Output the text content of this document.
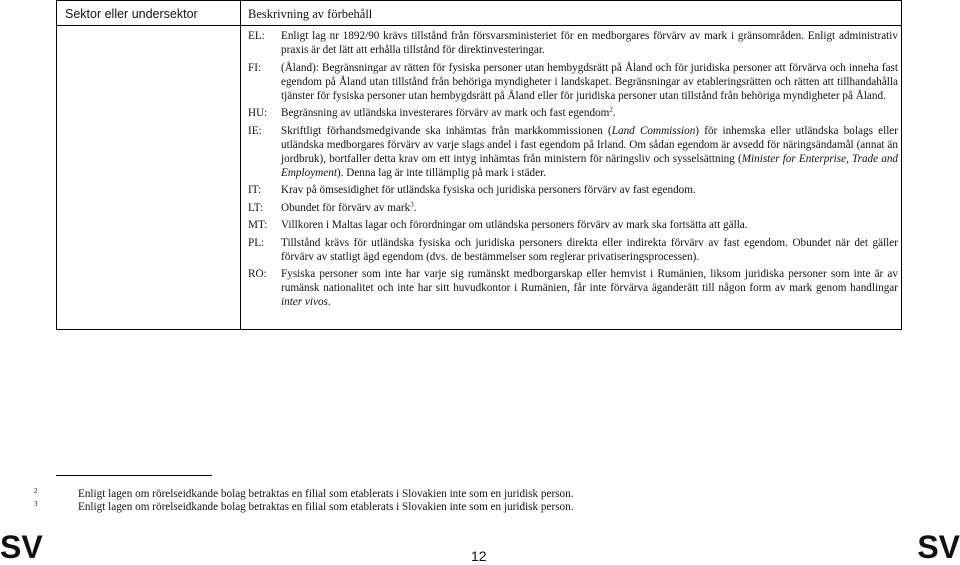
Sektor eller undersektor	Beskrivning av förbehåll
EL:	Enligt lag nr 1892/90 krävs tillstånd från försvarsministeriet för en medborgares förvärv av mark i gränsområden. Enligt administrativ praxis är det lätt att erhålla tillstånd för direktinvesteringar.
FI:	(Åland): Begränsningar av rätten för fysiska personer utan hembygdsrätt på Åland och för juridiska personer att förvärva och inneha fast egendom på Åland utan tillstånd från behöriga myndigheter i landskapet. Begränsningar av etableringsrätten och rätten att tillhandahålla tjänster för fysiska personer utan hembygdsrätt på Åland eller för juridiska personer utan tillstånd från behöriga myndigheter på Åland.
HU:	Begränsning av utländska investerares förvärv av mark och fast egendom$^2$.
IE:	Skriftligt förhandsmedgivande ska inhämtas från markkommissionen (Land Commission) för inhemska eller utländska bolags eller utländska medborgares förvärv av varje slags andel i fast egendom på Irland. Om sådan egendom är avsedd för näringsändamål (annat än jordbruk), bortfaller detta krav om ett intyg inhämtas från ministern för näringsliv och sysselsättning (Minister for Enterprise, Trade and Employment). Denna lag är inte tillämplig på mark i städer.
IT:	Krav på ömsesidighet för utländska fysiska och juridiska personers förvärv av fast egendom.
LT:	Obundet för förvärv av mark$^3$.
MT:	Villkoren i Maltas lagar och förordningar om utländska personers förvärv av mark ska fortsätta att gälla.
PL:	Tillstånd krävs för utländska fysiska och juridiska personers direkta eller indirekta förvärv av fast egendom. Obundet när det gäller förvärv av statligt ägd egendom (dvs. de bestämmelser som reglerar privatiseringsprocessen).
RO:	Fysiska personer som inte har varje sig rumänskt medborgarskap eller hemvist i Rumänien, liksom juridiska personer som inte är av rumänsk nationalitet och inte har sitt huvudkontor i Rumänien, får inte förvärva äganderätt till någon form av mark genom handlingar inter vivos.
2	Enligt lagen om rörelseidkande bolag betraktas en filial som etablerats i Slovakien inte som en juridisk person.
3	Enligt lagen om rörelseidkande bolag betraktas en filial som etablerats i Slovakien inte som en juridisk person.
SV	12	SV
